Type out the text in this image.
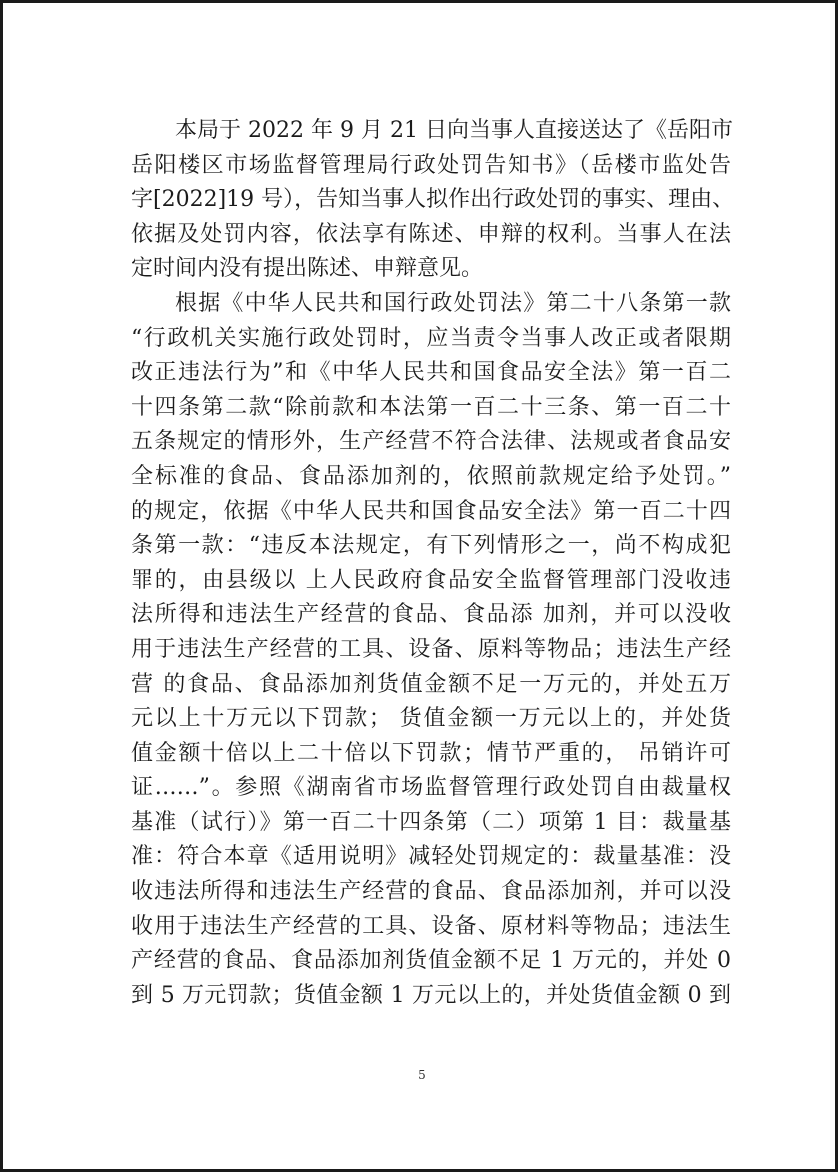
本局于 2022 年 9 月 21 日向当事人直接送达了《岳阳市
岳阳楼区市场监督管理局行政处罚告知书》（岳楼市监处告
字[2022]19 号），告知当事人拟作出行政处罚的事实、理由、
依据及处罚内容，依法享有陈述、申辩的权利。当事人在法
定时间内没有提出陈述、申辩意见。
根据《中华人民共和国行政处罚法》第二十八条第一款
“行政机关实施行政处罚时，应当责令当事人改正或者限期
改正违法行为”和《中华人民共和国食品安全法》第一百二
十四条第二款“除前款和本法第一百二十三条、第一百二十
五条规定的情形外，生产经营不符合法律、法规或者食品安
全标准的食品、食品添加剂的，依照前款规定给予处罚。”
的规定，依据《中华人民共和国食品安全法》第一百二十四
条第一款：“违反本法规定，有下列情形之一，尚不构成犯
罪的，由县级以 上人民政府食品安全监督管理部门没收违
法所得和违法生产经营的食品、食品添 加剂，并可以没收
用于违法生产经营的工具、设备、原料等物品；违法生产经
营 的食品、食品添加剂货值金额不足一万元的，并处五万
元以上十万元以下罚款； 货值金额一万元以上的，并处货
值金额十倍以上二十倍以下罚款；情节严重的， 吊销许可
证……”。参照《湖南省市场监督管理行政处罚自由裁量权
基准（试行）》第一百二十四条第（二）项第 1 目：裁量基
准：符合本章《适用说明》减轻处罚规定的：裁量基准：没
收违法所得和违法生产经营的食品、食品添加剂，并可以没
收用于违法生产经营的工具、设备、原材料等物品；违法生
产经营的食品、食品添加剂货值金额不足 1 万元的，并处 0
到 5 万元罚款；货值金额 1 万元以上的，并处货值金额 0 到
5
